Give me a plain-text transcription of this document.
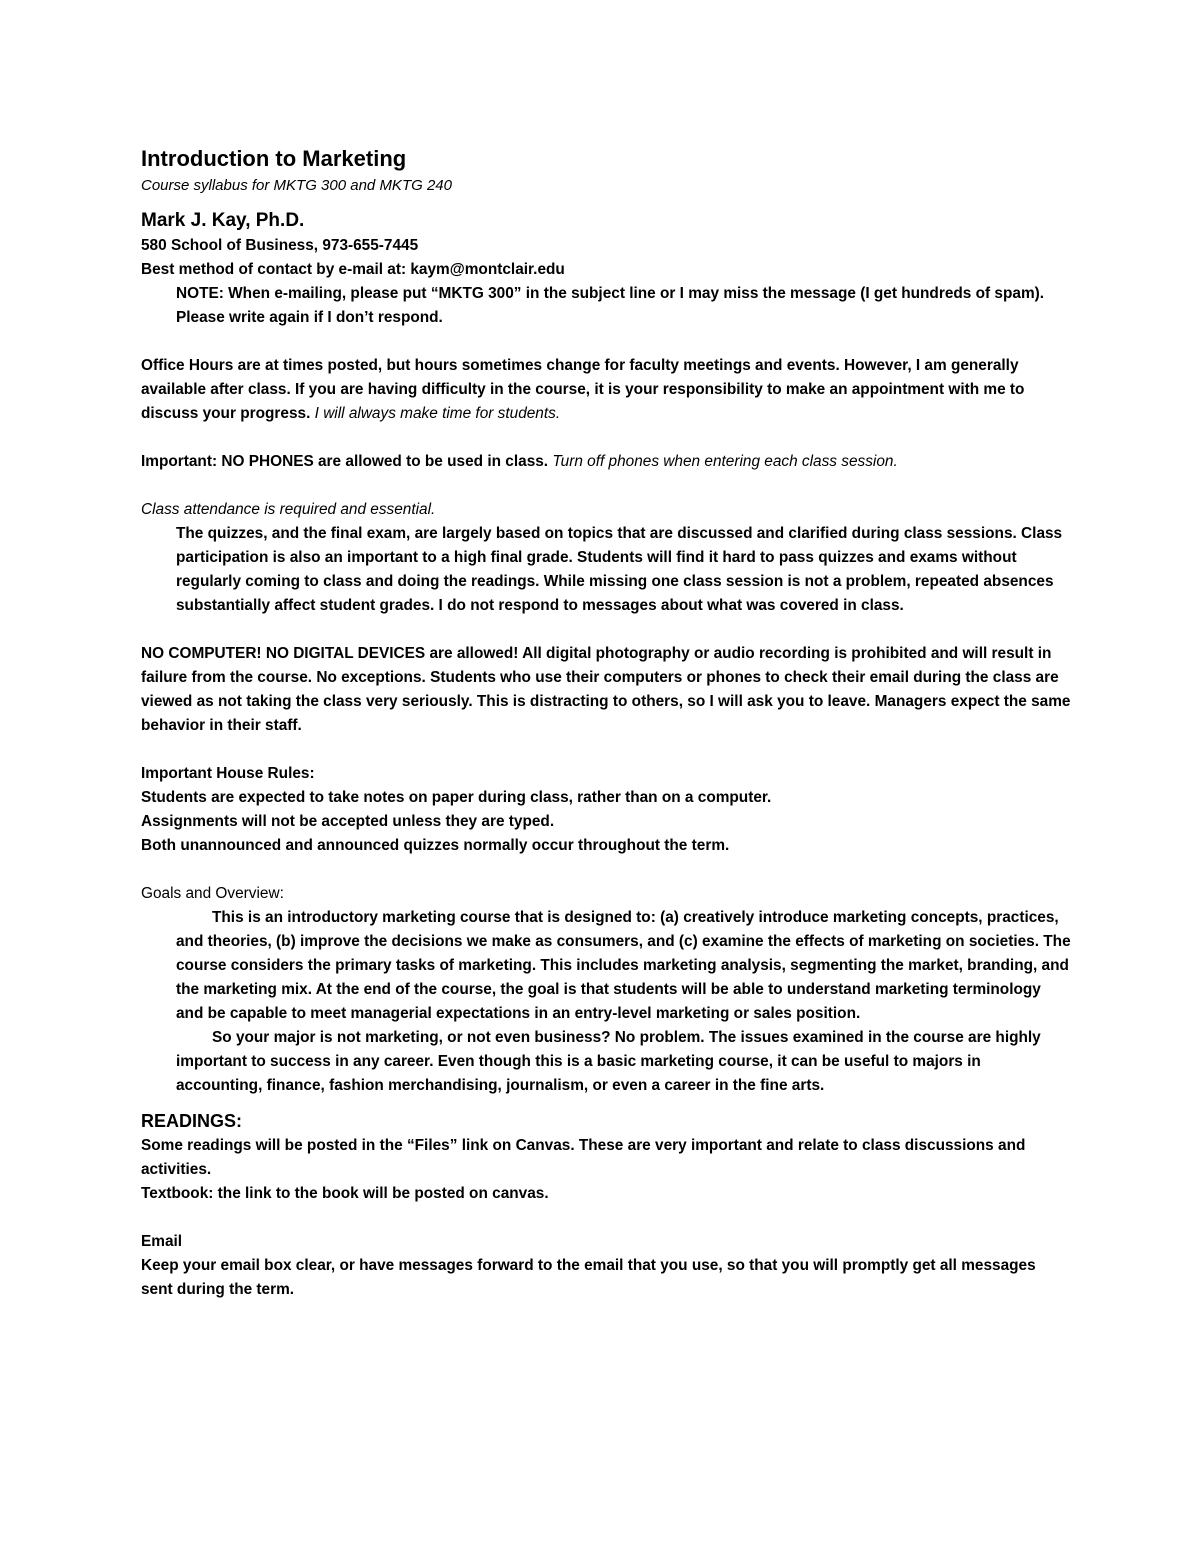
Introduction to Marketing

Course syllabus for MKTG 300 and MKTG 240

Mark J. Kay, Ph.D.

580 School of Business, 973-655-7445

Best method of contact by e-mail at: kaym@montclair.edu

NOTE: When e-mailing, please put “MKTG 300” in the subject line or I may miss the message (I get hundreds of spam). Please write again if I don’t respond.

Office Hours are at times posted, but hours sometimes change for faculty meetings and events. However, I am generally available after class. If you are having difficulty in the course, it is your responsibility to make an appointment with me to discuss your progress. I will always make time for students.

Important: NO PHONES are allowed to be used in class. Turn off phones when entering each class session.

Class attendance is required and essential.

The quizzes, and the final exam, are largely based on topics that are discussed and clarified during class sessions. Class participation is also an important to a high final grade. Students will find it hard to pass quizzes and exams without regularly coming to class and doing the readings. While missing one class session is not a problem, repeated absences substantially affect student grades. I do not respond to messages about what was covered in class.

NO COMPUTER! NO DIGITAL DEVICES are allowed! All digital photography or audio recording is prohibited and will result in failure from the course. No exceptions. Students who use their computers or phones to check their email during the class are viewed as not taking the class very seriously. This is distracting to others, so I will ask you to leave. Managers expect the same behavior in their staff.

Important House Rules:

Students are expected to take notes on paper during class, rather than on a computer.

Assignments will not be accepted unless they are typed.

Both unannounced and announced quizzes normally occur throughout the term.

Goals and Overview:

This is an introductory marketing course that is designed to: (a) creatively introduce marketing concepts, practices, and theories, (b) improve the decisions we make as consumers, and (c) examine the effects of marketing on societies. The course considers the primary tasks of marketing. This includes marketing analysis, segmenting the market, branding, and the marketing mix. At the end of the course, the goal is that students will be able to understand marketing terminology and be capable to meet managerial expectations in an entry-level marketing or sales position.

So your major is not marketing, or not even business? No problem. The issues examined in the course are highly important to success in any career. Even though this is a basic marketing course, it can be useful to majors in accounting, finance, fashion merchandising, journalism, or even a career in the fine arts.

READINGS:

Some readings will be posted in the “Files” link on Canvas. These are very important and relate to class discussions and activities.

Textbook: the link to the book will be posted on canvas.

Email

Keep your email box clear, or have messages forward to the email that you use, so that you will promptly get all messages sent during the term.
